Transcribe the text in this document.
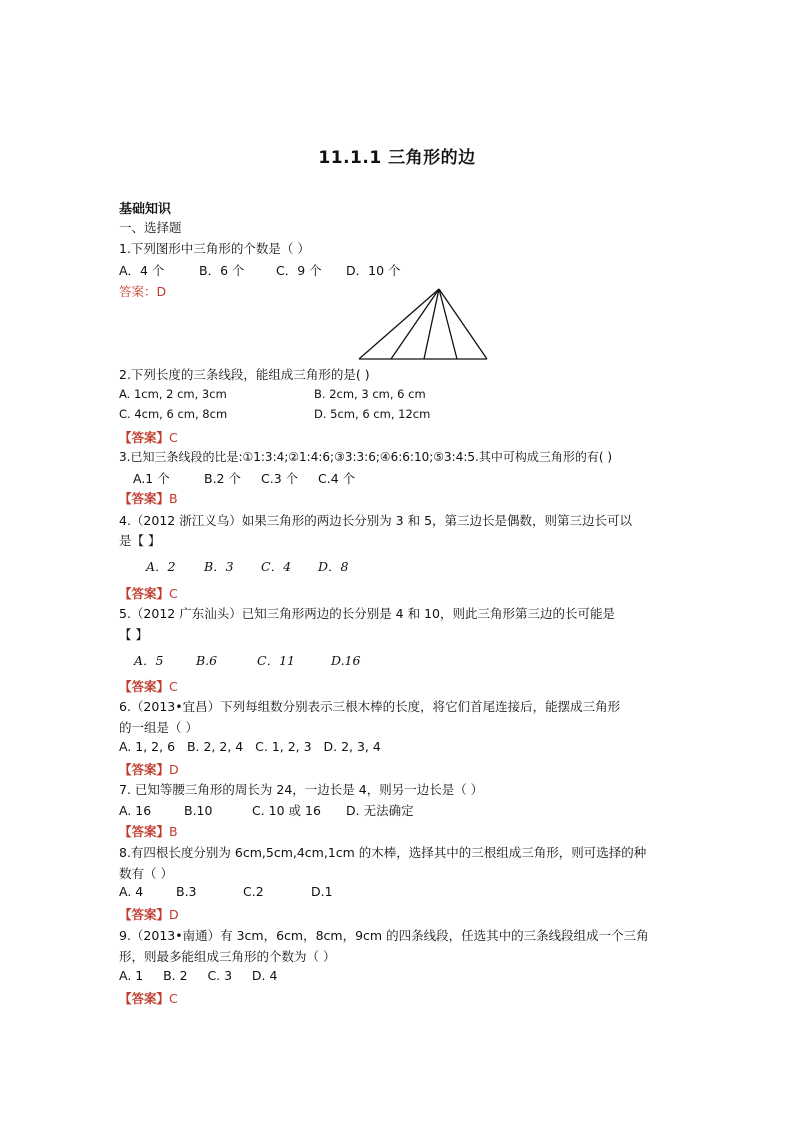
11.1.1 三角形的边
基础知识
一、选择题
1.下列图形中三角形的个数是（ ）
A．4 个	B．6 个	C．9 个 D．10 个
答案：D
2.下列长度的三条线段，能组成三角形的是( )
A. 1cm, 2 cm, 3cm	B. 2cm, 3 cm, 6 cm
C. 4cm, 6 cm, 8cm	D. 5cm, 6 cm, 12cm
【答案】C
3.已知三条线段的比是:①1:3:4;②1:4:6;③3:3:6;④6:6:10;⑤3:4:5.其中可构成三角形的有( )
A.1 个	B.2 个 C.3 个 C.4 个
【答案】B
4.（2012 浙江义乌）如果三角形的两边长分别为 3 和 5，第三边长是偶数，则第三边长可以
是【 】
A．2 B．3 C．4 D．8
【答案】C
5.（2012 广东汕头）已知三角形两边的长分别是 4 和 10，则此三角形第三边的长可能是
【 】
A．5	B.6	C．11	D.16
【答案】C
6.（2013•宜昌）下列每组数分别表示三根木棒的长度，将它们首尾连接后，能摆成三角形
的一组是（ ）
A. 1, 2, 6   B. 2, 2, 4   C. 1, 2, 3   D. 2, 3, 4
【答案】D
7. 已知等腰三角形的周长为 24，一边长是 4，则另一边长是（ ）
A. 16	B.10	C. 10 或 16 D. 无法确定
【答案】B
8.有四根长度分别为 6cm,5cm,4cm,1cm 的木棒，选择其中的三根组成三角形，则可选择的种
数有（ ）
A. 4	B.3	C.2	D.1
【答案】D
9.（2013•南通）有 3cm，6cm，8cm，9cm 的四条线段，任选其中的三条线段组成一个三角
形，则最多能组成三角形的个数为（ ）
A. 1     B. 2     C. 3     D. 4
【答案】C
